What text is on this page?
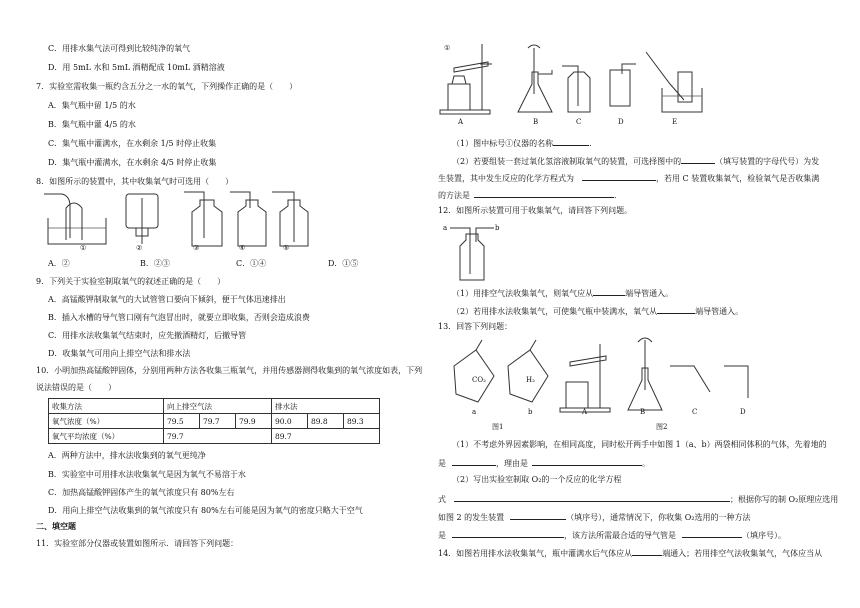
C．用排水集气法可得到比较纯净的氧气
D．用 5mL 水和 5mL 酒精配成 10mL 酒精溶液
7．实验室需收集一瓶约含五分之一水的氧气，下列操作正确的是（　　）
A．集气瓶中留 1/5 的水
B．集气瓶中灌 4/5 的水
C．集气瓶中灌满水，在水剩余 1/5 时停止收集
D．集气瓶中灌满水，在水剩余 4/5 时停止收集
8．如图所示的装置中，其中收集氧气时可选用（　　）
①	②	③	④	⑤
A．②	B．②③	C．①④	D．①⑤
9．下列关于实验室制取氧气的叙述正确的是（　　）
A．高锰酸钾制取氧气的大试管管口要向下倾斜，便于气体迅速排出
B．插入水槽的导气管口刚有气泡冒出时，就要立即收集，否则会造成浪费
C．用排水法收集氧气结束时，应先撤酒精灯，后撤导管
D．收集氧气可用向上排空气法和排水法
10．小明加热高锰酸钾固体，分别用两种方法各收集三瓶氧气，并用传感器测得收集到的氧气浓度如表，下列
说法错误的是（　　）
收集方法	向上排空气法			排水法		
氧气浓度（%）	79.5	79.7	79.9	90.0	89.8	89.3
氧气平均浓度（%）	79.7			89.7		
A．两种方法中，排水法收集到的氧气更纯净
B．实验室中可用排水法收集氧气是因为氧气不易溶于水
C．加热高锰酸钾固体产生的氧气浓度只有 80%左右
D．用向上排空气法收集到的氧气浓度只有 80%左右可能是因为氧气的密度只略大于空气
二、填空题
11．实验室部分仪器或装置如图所示．请回答下列问题：
①
A	B	C	D	E
（1）图中标号①仪器的名称	．
（2）若要组装一套过氧化氢溶液制取氧气的装置，可选择图中的	（填写装置的字母代号）为发
生装置，其中发生反应的化学方程式为	，若用 C 装置收集氧气，检验氧气是否收集满
的方法是	．
12．如图所示装置可用于收集氧气，请回答下列问题。
a	b
（1）用排空气法收集氧气，则氧气应从	端导管通入。
（2）若用排水法收集氧气，可使集气瓶中装满水，氧气从	端导管通入。
13．回答下列问题：
CO₂	H₂
a	b	A	B	C	D
图1	图2
（1）不考虑外界因素影响，在相同高度，同时松开两手中如图 1（a、b）两袋相同体积的气体，先着地的
是	，理由是	。
（2）写出实验室制取 O₂的一个反应的化学方程
式	；根据你写的制 O₂原理应选用
如图 2 的发生装置	（填序号），通常情况下，你收集 O₂选用的一种方法
是	，该方法所需最合适的导气管是	（填序号）。
14．如图若用排水法收集氧气，瓶中灌满水后气体应从	端通入；若用排空气法收集氧气，气体应当从
